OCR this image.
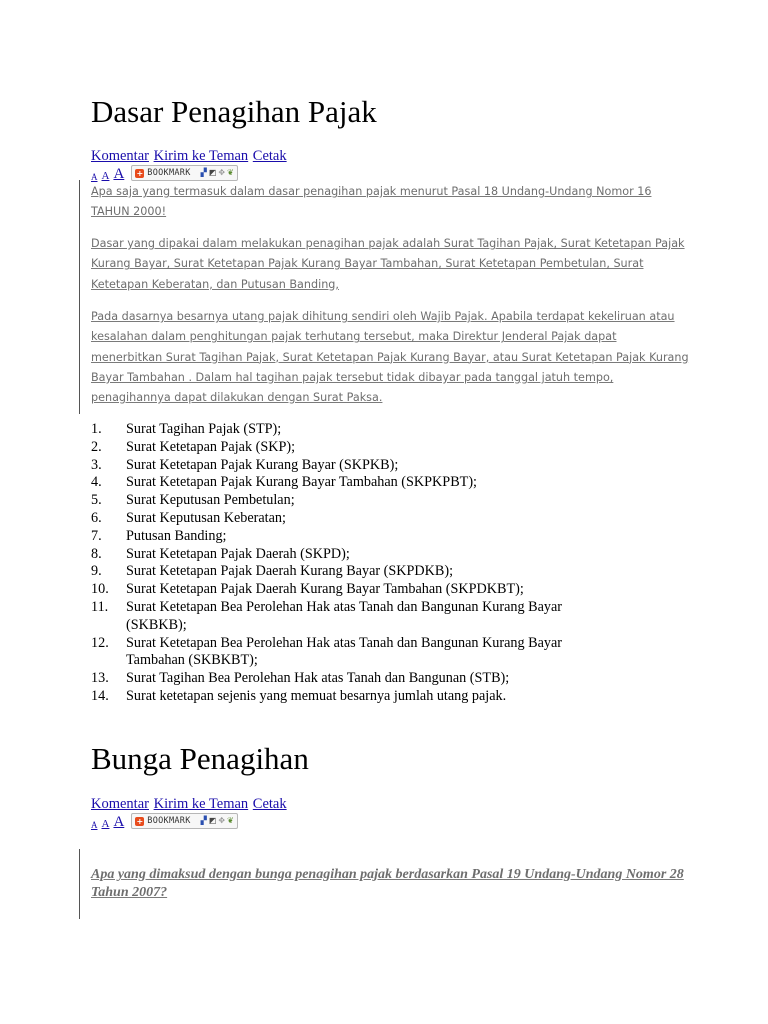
Dasar Penagihan Pajak
Komentar Kirim ke Teman Cetak
A A A + BOOKMARK ▞ ◩ ✥ ❦

Apa saja yang termasuk dalam dasar penagihan pajak menurut Pasal 18 Undang-Undang Nomor 16 TAHUN 2000!

Dasar yang dipakai dalam melakukan penagihan pajak adalah Surat Tagihan Pajak, Surat Ketetapan Pajak Kurang Bayar, Surat Ketetapan Pajak Kurang Bayar Tambahan, Surat Ketetapan Pembetulan, Surat Ketetapan Keberatan, dan Putusan Banding,

Pada dasarnya besarnya utang pajak dihitung sendiri oleh Wajib Pajak. Apabila terdapat kekeliruan atau kesalahan dalam penghitungan pajak terhutang tersebut, maka Direktur Jenderal Pajak dapat menerbitkan Surat Tagihan Pajak, Surat Ketetapan Pajak Kurang Bayar, atau Surat Ketetapan Pajak Kurang Bayar Tambahan . Dalam hal tagihan pajak tersebut tidak dibayar pada tanggal jatuh tempo, penagihannya dapat dilakukan dengan Surat Paksa.

1. Surat Tagihan Pajak (STP);
2. Surat Ketetapan Pajak (SKP);
3. Surat Ketetapan Pajak Kurang Bayar (SKPKB);
4. Surat Ketetapan Pajak Kurang Bayar Tambahan (SKPKPBT);
5. Surat Keputusan Pembetulan;
6. Surat Keputusan Keberatan;
7. Putusan Banding;
8. Surat Ketetapan Pajak Daerah (SKPD);
9. Surat Ketetapan Pajak Daerah Kurang Bayar (SKPDKB);
10. Surat Ketetapan Pajak Daerah Kurang Bayar Tambahan (SKPDKBT);
11. Surat Ketetapan Bea Perolehan Hak atas Tanah dan Bangunan Kurang Bayar (SKBKB);
12. Surat Ketetapan Bea Perolehan Hak atas Tanah dan Bangunan Kurang Bayar Tambahan (SKBKBT);
13. Surat Tagihan Bea Perolehan Hak atas Tanah dan Bangunan (STB);
14. Surat ketetapan sejenis yang memuat besarnya jumlah utang pajak.
Bunga Penagihan
Komentar Kirim ke Teman Cetak
A A A + BOOKMARK ▞ ◩ ✥ ❦

Apa yang dimaksud dengan bunga penagihan pajak berdasarkan Pasal 19 Undang-Undang Nomor 28 Tahun 2007?
